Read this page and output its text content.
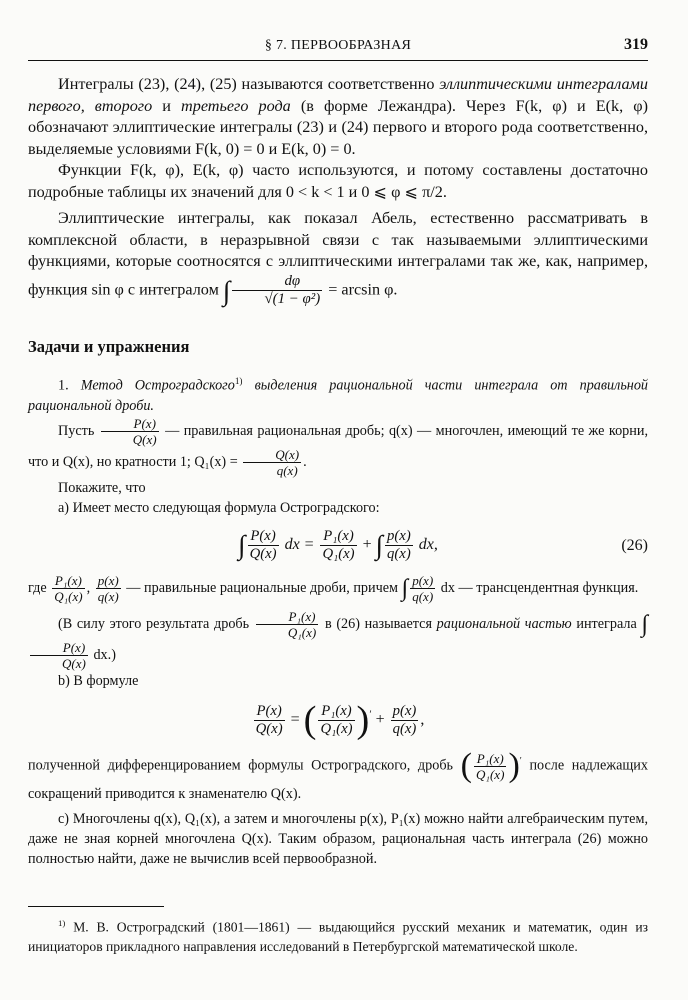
§ 7. ПЕРВООБРАЗНАЯ	319

Интегралы (23), (24), (25) называются соответственно эллиптическими интегралами первого, второго и третьего рода (в форме Лежандра). Через F(k, φ) и E(k, φ) обозначают эллиптические интегралы (23) и (24) первого и второго рода соответственно, выделяемые условиями F(k, 0) = 0 и E(k, 0) = 0.

Функции F(k, φ), E(k, φ) часто используются, и потому составлены достаточно подробные таблицы их значений для 0 < k < 1 и 0 ⩽ φ ⩽ π/2.

Эллиптические интегралы, как показал Абель, естественно рассматривать в комплексной области, в неразрывной связи с так называемыми эллиптическими функциями, которые соотносятся с эллиптическими интегралами так же, как, например, функция sin φ с интегралом ∫ $\frac{d\varphi}{\text{√(1 − φ²)}} = \arcsin \varphi$.

Задачи и упражнения

1. Метод Остроградского$^{1)}$ выделения рациональной части интеграла от правильной рациональной дроби.

Пусть $\frac{P(x)}{Q(x)}$ — правильная рациональная дробь; q(x) — многочлен, имеющий те же корни, что и Q(x), но кратности 1; $Q_1(x) = \frac{Q(x)}{q(x)}$ .

Покажите, что

a) Имеет место следующая формула Остроградского:

∫ $\frac{P(x)}{Q(x)}$ dx = $\frac{\text{P₁(x)}}{\text{Q₁(x)}}$ + ∫ $\frac{p(x)}{q(x)}$ dx,	(26)

где $\frac{\text{P₁(x)}}{\text{Q₁(x)}}$ , $\frac{p(x)}{q(x)}$ — правильные рациональные дроби, причем ∫ $\frac{p(x)}{q(x)}$ dx — трансцендентная функция.

(В силу этого результата дробь $\frac{\text{P₁(x)}}{\text{Q₁(x)}}$ в (26) называется рациональной частью интеграла ∫
$\frac{P(x)}{Q(x)} dx$.)

b) В формуле

$\frac{P(x)}{Q(x)}$ = ( $\frac{\text{P₁(x)}}{\text{Q₁(x)}} )' + \frac{p(x)}{q(x)}$ ,

полученной дифференцированием формулы Остроградского, дробь ( $\frac{\text{P₁(x)}}{\text{Q₁(x)}} )'$ после надлежащих сокращений приводится к знаменателю Q(x).

c) Многочлены q(x), Q₁(x), а затем и многочлены p(x), P₁(x) можно найти алгебраическим путем, даже не зная корней многочлена Q(x). Таким образом, рациональная часть интеграла (26) можно полностью найти, даже не вычислив всей первообразной.

$^{1)}$ М. В. Остроградский (1801—1861) — выдающийся русский механик и математик, один из инициаторов прикладного направления исследований в Петербургской математической школе.
